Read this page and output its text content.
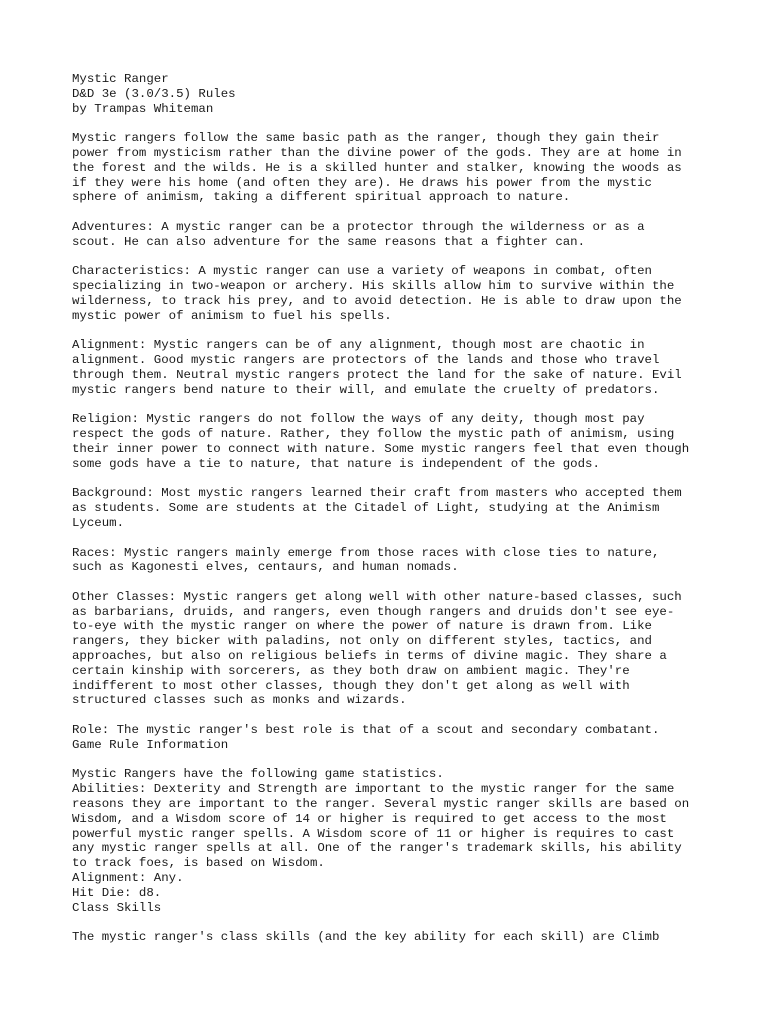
Mystic Ranger
D&D 3e (3.0/3.5) Rules
by Trampas Whiteman

Mystic rangers follow the same basic path as the ranger, though they gain their
power from mysticism rather than the divine power of the gods. They are at home in
the forest and the wilds. He is a skilled hunter and stalker, knowing the woods as
if they were his home (and often they are). He draws his power from the mystic
sphere of animism, taking a different spiritual approach to nature.

Adventures: A mystic ranger can be a protector through the wilderness or as a
scout. He can also adventure for the same reasons that a fighter can.

Characteristics: A mystic ranger can use a variety of weapons in combat, often
specializing in two-weapon or archery. His skills allow him to survive within the
wilderness, to track his prey, and to avoid detection. He is able to draw upon the
mystic power of animism to fuel his spells.

Alignment: Mystic rangers can be of any alignment, though most are chaotic in
alignment. Good mystic rangers are protectors of the lands and those who travel
through them. Neutral mystic rangers protect the land for the sake of nature. Evil
mystic rangers bend nature to their will, and emulate the cruelty of predators.

Religion: Mystic rangers do not follow the ways of any deity, though most pay
respect the gods of nature. Rather, they follow the mystic path of animism, using
their inner power to connect with nature. Some mystic rangers feel that even though
some gods have a tie to nature, that nature is independent of the gods.

Background: Most mystic rangers learned their craft from masters who accepted them
as students. Some are students at the Citadel of Light, studying at the Animism
Lyceum.

Races: Mystic rangers mainly emerge from those races with close ties to nature,
such as Kagonesti elves, centaurs, and human nomads.

Other Classes: Mystic rangers get along well with other nature-based classes, such
as barbarians, druids, and rangers, even though rangers and druids don't see eye-
to-eye with the mystic ranger on where the power of nature is drawn from. Like
rangers, they bicker with paladins, not only on different styles, tactics, and
approaches, but also on religious beliefs in terms of divine magic. They share a
certain kinship with sorcerers, as they both draw on ambient magic. They're
indifferent to most other classes, though they don't get along as well with
structured classes such as monks and wizards.

Role: The mystic ranger's best role is that of a scout and secondary combatant.

Game Rule Information

Mystic Rangers have the following game statistics.

Abilities: Dexterity and Strength are important to the mystic ranger for the same
reasons they are important to the ranger. Several mystic ranger skills are based on
Wisdom, and a Wisdom score of 14 or higher is required to get access to the most
powerful mystic ranger spells. A Wisdom score of 11 or higher is requires to cast
any mystic ranger spells at all. One of the ranger's trademark skills, his ability
to track foes, is based on Wisdom.

Alignment: Any.

Hit Die: d8.

Class Skills

The mystic ranger's class skills (and the key ability for each skill) are Climb
